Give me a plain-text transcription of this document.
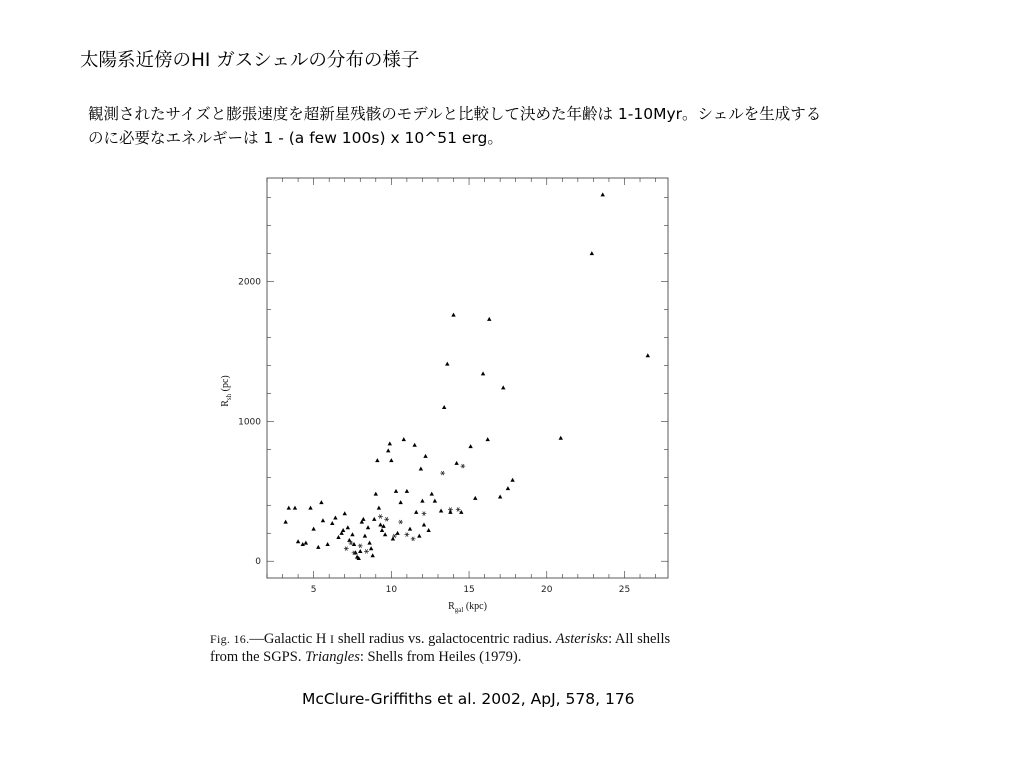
太陽系近傍のHI ガスシェルの分布の様子
観測されたサイズと膨張速度を超新星残骸のモデルと比較して決めた年齢は 1-10Myr。シェルを生成する
のに必要なエネルギーは 1 - (a few 100s) x 10^51 erg。
5	10	15	20	25
0
1000
2000
$R_{gal}$ (kpc)
$R_{sh}$ (pc)
Fig. 16.—Galactic H I shell radius vs. galactocentric radius. Asterisks: All shells from the SGPS. Triangles: Shells from Heiles (1979).
McClure-Griffiths et al. 2002, ApJ, 578, 176
